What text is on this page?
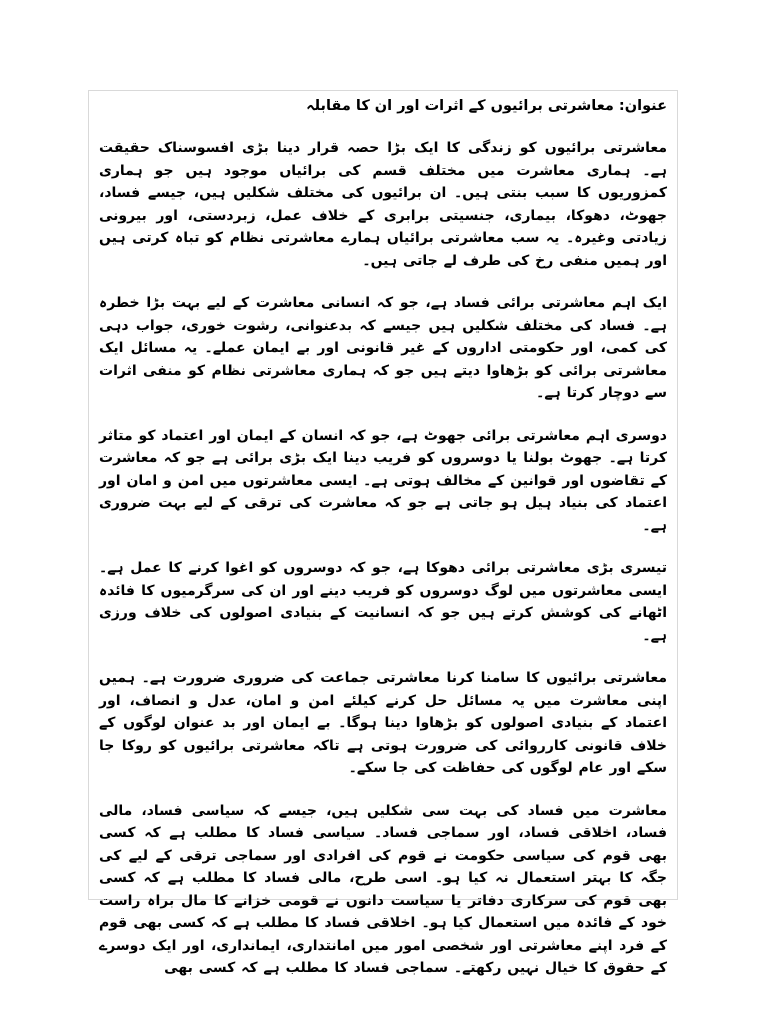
عنوان: معاشرتی برائیوں کے اثرات اور ان کا مقابلہ

معاشرتی برائیوں کو زندگی کا ایک بڑا حصہ قرار دینا بڑی افسوسناک حقیقت ہے۔ ہماری معاشرت میں مختلف قسم کی برائیاں موجود ہیں جو ہماری کمزوریوں کا سبب بنتی ہیں۔ ان برائیوں کی مختلف شکلیں ہیں، جیسے فساد، جھوٹ، دھوکا، بیماری، جنسیتی برابری کے خلاف عمل، زبردستی، اور بیرونی زیادتی وغیرہ۔ یہ سب معاشرتی برائیاں ہمارے معاشرتی نظام کو تباہ کرتی ہیں اور ہمیں منفی رخ کی طرف لے جاتی ہیں۔

ایک اہم معاشرتی برائی فساد ہے، جو کہ انسانی معاشرت کے لیے بہت بڑا خطرہ ہے۔ فساد کی مختلف شکلیں ہیں جیسے کہ بدعنوانی، رشوت خوری، جواب دہی کی کمی، اور حکومتی اداروں کے غیر قانونی اور بے ایمان عملے۔ یہ مسائل ایک معاشرتی برائی کو بڑھاوا دیتے ہیں جو کہ ہماری معاشرتی نظام کو منفی اثرات سے دوچار کرتا ہے۔

دوسری اہم معاشرتی برائی جھوٹ ہے، جو کہ انسان کے ایمان اور اعتماد کو متاثر کرتا ہے۔ جھوٹ بولنا یا دوسروں کو فریب دینا ایک بڑی برائی ہے جو کہ معاشرت کے تقاضوں اور قوانین کے مخالف ہوتی ہے۔ ایسی معاشرتوں میں امن و امان اور اعتماد کی بنیاد ہیل ہو جاتی ہے جو کہ معاشرت کی ترقی کے لیے بہت ضروری ہے۔

تیسری بڑی معاشرتی برائی دھوکا ہے، جو کہ دوسروں کو اغوا کرنے کا عمل ہے۔ ایسی معاشرتوں میں لوگ دوسروں کو فریب دینے اور ان کی سرگرمیوں کا فائدہ اٹھانے کی کوشش کرتے ہیں جو کہ انسانیت کے بنیادی اصولوں کی خلاف ورزی ہے۔

معاشرتی برائیوں کا سامنا کرنا معاشرتی جماعت کی ضروری ضرورت ہے۔ ہمیں اپنی معاشرت میں یہ مسائل حل کرنے کیلئے امن و امان، عدل و انصاف، اور اعتماد کے بنیادی اصولوں کو بڑھاوا دینا ہوگا۔ بے ایمان اور بد عنوان لوگوں کے خلاف قانونی کارروائی کی ضرورت ہوتی ہے تاکہ معاشرتی برائیوں کو روکا جا سکے اور عام لوگوں کی حفاظت کی جا سکے۔

معاشرت میں فساد کی بہت سی شکلیں ہیں، جیسے کہ سیاسی فساد، مالی فساد، اخلاقی فساد، اور سماجی فساد۔ سیاسی فساد کا مطلب ہے کہ کسی بھی قوم کی سیاسی حکومت نے قوم کی افرادی اور سماجی ترقی کے لیے کی جگہ کا بہتر استعمال نہ کیا ہو۔ اسی طرح، مالی فساد کا مطلب ہے کہ کسی بھی قوم کی سرکاری دفاتر یا سیاست دانوں نے قومی خزانے کا مال براہ راست خود کے فائدہ میں استعمال کیا ہو۔ اخلاقی فساد کا مطلب ہے کہ کسی بھی قوم کے فرد اپنے معاشرتی اور شخصی امور میں امانتداری، ایمانداری، اور ایک دوسرے کے حقوق کا خیال نہیں رکھتے۔ سماجی فساد کا مطلب ہے کہ کسی بھی
